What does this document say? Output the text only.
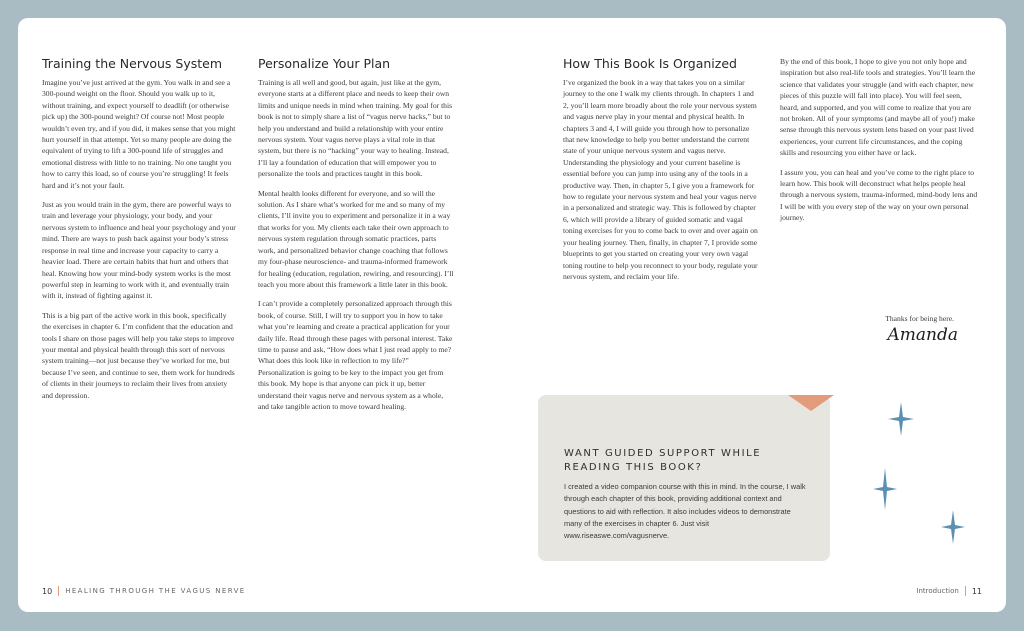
Training the Nervous System

Imagine you’ve just arrived at the gym. You walk in and see a 300-pound weight on the floor. Should you walk up to it, without training, and expect yourself to deadlift (or otherwise pick up) the 300-pound weight? Of course not! Most people wouldn’t even try, and if you did, it makes sense that you might hurt yourself in that attempt. Yet so many people are doing the equivalent of trying to lift a 300-pound life of struggles and emotional distress with little to no training. No one taught you how to carry this load, so of course you’re struggling! It feels hard and it’s not your fault.

Just as you would train in the gym, there are powerful ways to train and leverage your physiology, your body, and your nervous system to influence and heal your psychology and your mind. There are ways to push back against your body’s stress response in real time and increase your capacity to carry a heavier load. There are certain habits that hurt and others that heal. Knowing how your mind-body system works is the most powerful step in learning to work with it, and eventually train with it, instead of fighting against it.

This is a big part of the active work in this book, specifically the exercises in chapter 6. I’m confident that the education and tools I share on those pages will help you take steps to improve your mental and physical health through this sort of nervous system training—not just because they’ve worked for me, but because I’ve seen, and continue to see, them work for hundreds of clients in their journeys to reclaim their lives from anxiety and depression.

Personalize Your Plan

Training is all well and good, but again, just like at the gym, everyone starts at a different place and needs to keep their own limits and unique needs in mind when training. My goal for this book is not to simply share a list of “vagus nerve hacks,” but to help you understand and build a relationship with your entire nervous system. Your vagus nerve plays a vital role in that system, but there is no “hacking” your way to healing. Instead, I’ll lay a foundation of education that will empower you to personalize the tools and practices taught in this book.

Mental health looks different for everyone, and so will the solution. As I share what’s worked for me and so many of my clients, I’ll invite you to experiment and personalize it in a way that works for you. My clients each take their own approach to nervous system regulation through somatic practices, parts work, and personalized behavior change coaching that follows my four-phase neuroscience- and trauma-informed framework for healing (education, regulation, rewiring, and resourcing). I’ll teach you more about this framework a little later in this book.

I can’t provide a completely personalized approach through this book, of course. Still, I will try to support you in how to take what you’re learning and create a practical application for your daily life. Read through these pages with personal interest. Take time to pause and ask, “How does what I just read apply to me? What does this look like in reflection to my life?” Personalization is going to be key to the impact you get from this book. My hope is that anyone can pick it up, better understand their vagus nerve and nervous system as a whole, and take tangible action to move toward healing.

How This Book Is Organized

I’ve organized the book in a way that takes you on a similar journey to the one I walk my clients through. In chapters 1 and 2, you’ll learn more broadly about the role your nervous system and vagus nerve play in your mental and physical health. In chapters 3 and 4, I will guide you through how to personalize that new knowledge to help you better understand the current state of your unique nervous system and vagus nerve. Understanding the physiology and your current baseline is essential before you can jump into using any of the tools in a productive way. Then, in chapter 5, I give you a framework for how to regulate your nervous system and heal your vagus nerve in a personalized and strategic way. This is followed by chapter 6, which will provide a library of guided somatic and vagal toning exercises for you to come back to over and over again on your healing journey. Then, finally, in chapter 7, I provide some blueprints to get you started on creating your very own vagal toning routine to help you reconnect to your body, regulate your nervous system, and reclaim your life.

By the end of this book, I hope to give you not only hope and inspiration but also real-life tools and strategies. You’ll learn the science that validates your struggle (and with each chapter, new pieces of this puzzle will fall into place). You will feel seen, heard, and supported, and you will come to realize that you are not broken. All of your symptoms (and maybe all of you!) make sense through this nervous system lens based on your past lived experiences, your current life circumstances, and the coping skills and resourcing you either have or lack.

I assure you, you can heal and you’ve come to the right place to learn how. This book will deconstruct what helps people heal through a nervous system, trauma-informed, mind-body lens and I will be with you every step of the way on your own personal journey.

Thanks for being here.
Amanda

WANT GUIDED SUPPORT WHILE READING THIS BOOK?

I created a video companion course with this in mind. In the course, I walk through each chapter of this book, providing additional context and questions to aid with reflection. It also includes videos to demonstrate many of the exercises in chapter 6. Just visit www.riseaswe.com/vagusnerve.

10 HEALING THROUGH THE VAGUS NERVE	Introduction 11
